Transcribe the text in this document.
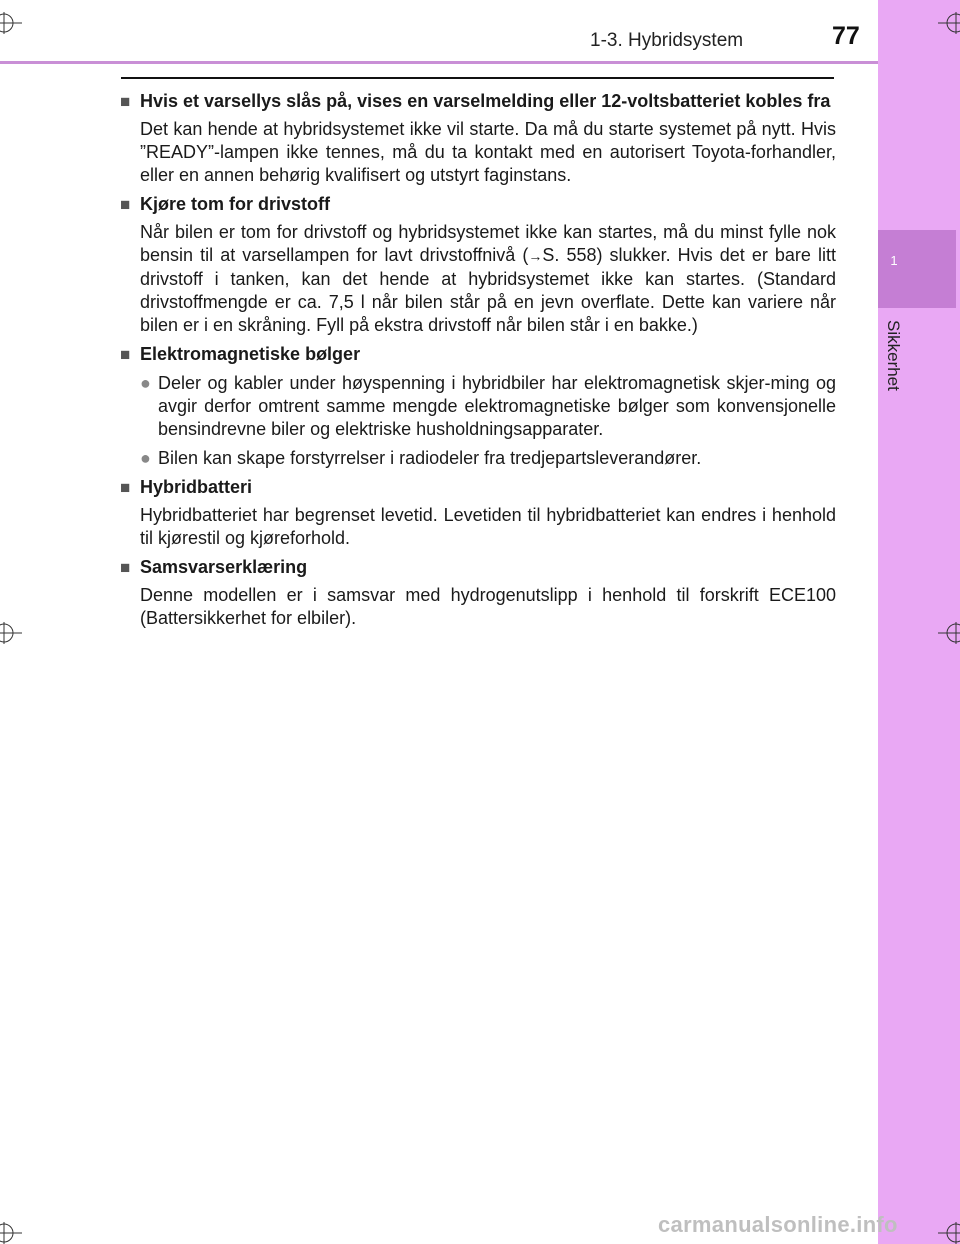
1-3. Hybridsystem	77
1
Sikkerhet
■ Hvis et varsellys slås på, vises en varselmelding eller 12-voltsbatteriet kobles fra
Det kan hende at hybridsystemet ikke vil starte. Da må du starte systemet på nytt. Hvis ”READY”-lampen ikke tennes, må du ta kontakt med en autorisert Toyota-forhandler, eller en annen behørig kvalifisert og utstyrt faginstans.
■ Kjøre tom for drivstoff
Når bilen er tom for drivstoff og hybridsystemet ikke kan startes, må du minst fylle nok bensin til at varsellampen for lavt drivstoffnivå (→S. 558) slukker. Hvis det er bare litt drivstoff i tanken, kan det hende at hybridsystemet ikke kan startes. (Standard drivstoffmengde er ca. 7,5 l når bilen står på en jevn overflate. Dette kan variere når bilen er i en skråning. Fyll på ekstra drivstoff når bilen står i en bakke.)
■ Elektromagnetiske bølger
● Deler og kabler under høyspenning i hybridbiler har elektromagnetisk skjer-ming og avgir derfor omtrent samme mengde elektromagnetiske bølger som konvensjonelle bensindrevne biler og elektriske husholdningsapparater.
● Bilen kan skape forstyrrelser i radiodeler fra tredjepartsleverandører.
■ Hybridbatteri
Hybridbatteriet har begrenset levetid. Levetiden til hybridbatteriet kan endres i henhold til kjørestil og kjøreforhold.
■ Samsvarserklæring
Denne modellen er i samsvar med hydrogenutslipp i henhold til forskrift ECE100 (Battersikkerhet for elbiler).
carmanualsonline.info
